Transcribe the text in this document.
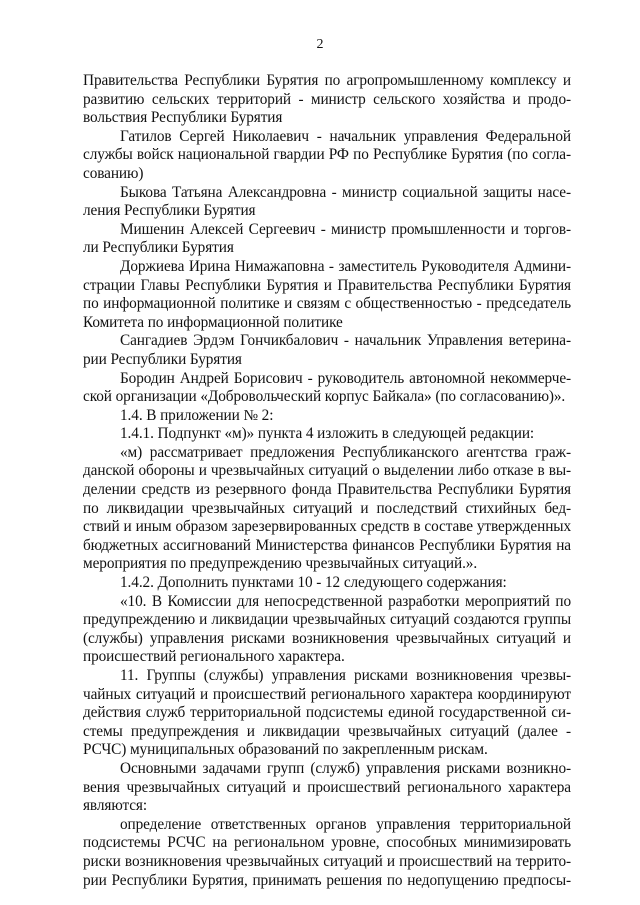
2
Правительства Республики Бурятия по агропромышленному комплексу и
развитию сельских территорий - министр сельского хозяйства и продо-
вольствия Республики Бурятия
Гатилов Сергей Николаевич - начальник управления Федеральной
службы войск национальной гвардии РФ по Республике Бурятия (по согла-
сованию)
Быкова Татьяна Александровна - министр социальной защиты насе-
ления Республики Бурятия
Мишенин Алексей Сергеевич - министр промышленности и торгов-
ли Республики Бурятия
Доржиева Ирина Нимажаповна - заместитель Руководителя Админи-
страции Главы Республики Бурятия и Правительства Республики Бурятия
по информационной политике и связям с общественностью - председатель
Комитета по информационной политике
Сангадиев Эрдэм Гончикбалович - начальник Управления ветерина-
рии Республики Бурятия
Бородин Андрей Борисович - руководитель автономной некоммерче-
ской организации «Добровольческий корпус Байкала» (по согласованию)».
1.4. В приложении № 2:
1.4.1. Подпункт «м)» пункта 4 изложить в следующей редакции:
«м) рассматривает предложения Республиканского агентства граж-
данской обороны и чрезвычайных ситуаций о выделении либо отказе в вы-
делении средств из резервного фонда Правительства Республики Бурятия
по ликвидации чрезвычайных ситуаций и последствий стихийных бед-
ствий и иным образом зарезервированных средств в составе утвержденных
бюджетных ассигнований Министерства финансов Республики Бурятия на
мероприятия по предупреждению чрезвычайных ситуаций.».
1.4.2. Дополнить пунктами 10 - 12 следующего содержания:
«10. В Комиссии для непосредственной разработки мероприятий по
предупреждению и ликвидации чрезвычайных ситуаций создаются группы
(службы) управления рисками возникновения чрезвычайных ситуаций и
происшествий регионального характера.
11. Группы (службы) управления рисками возникновения чрезвы-
чайных ситуаций и происшествий регионального характера координируют
действия служб территориальной подсистемы единой государственной си-
стемы предупреждения и ликвидации чрезвычайных ситуаций (далее -
РСЧС) муниципальных образований по закрепленным рискам.
Основными задачами групп (служб) управления рисками возникно-
вения чрезвычайных ситуаций и происшествий регионального характера
являются:
определение ответственных органов управления территориальной
подсистемы РСЧС на региональном уровне, способных минимизировать
риски возникновения чрезвычайных ситуаций и происшествий на террито-
рии Республики Бурятия, принимать решения по недопущению предпосы-
